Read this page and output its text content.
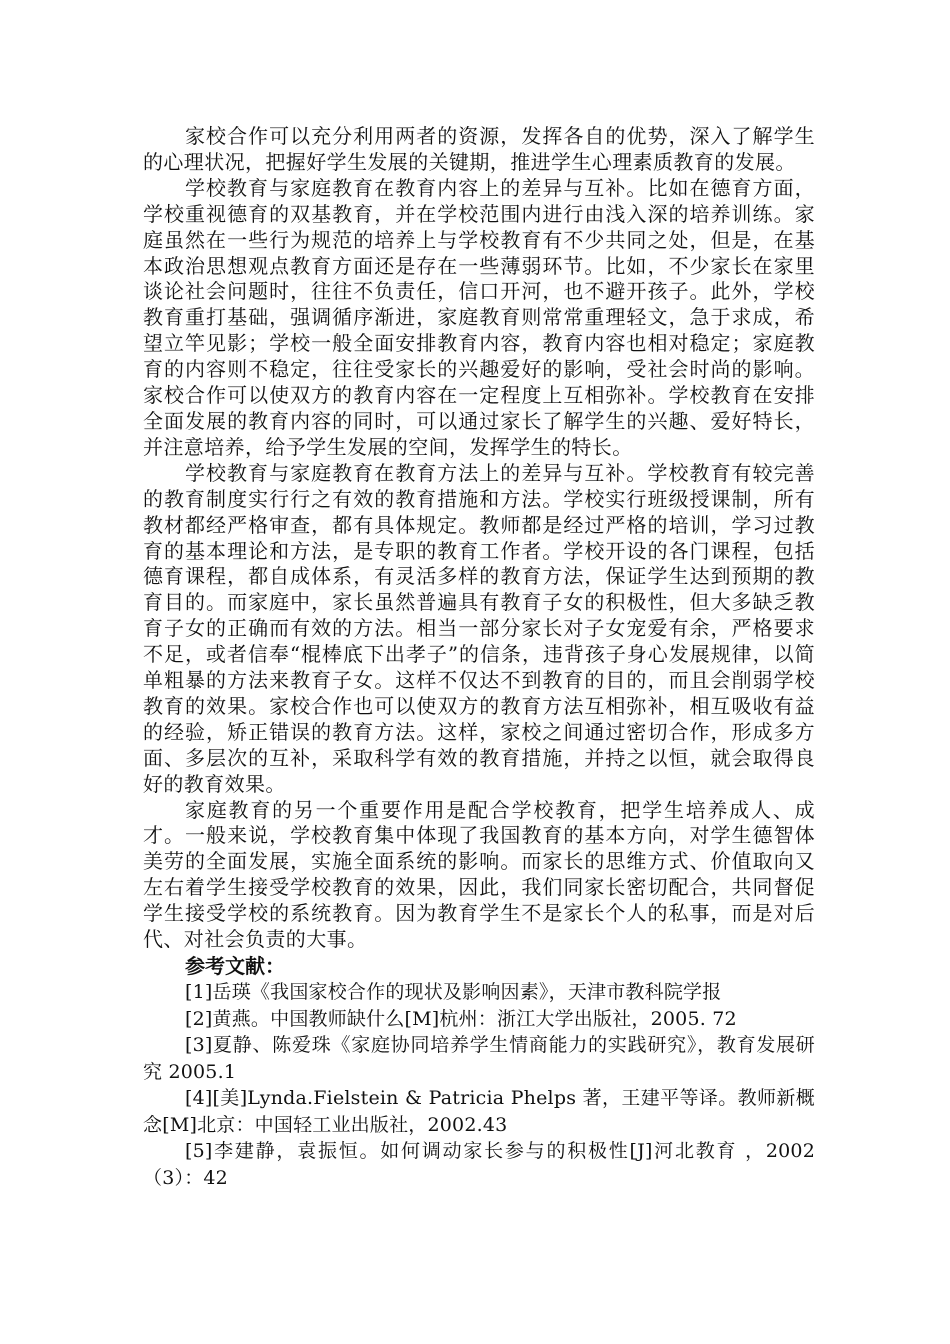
家校合作可以充分利用两者的资源，发挥各自的优势，深入了解学生的心理状况，把握好学生发展的关键期，推进学生心理素质教育的发展。

学校教育与家庭教育在教育内容上的差异与互补。比如在德育方面，学校重视德育的双基教育，并在学校范围内进行由浅入深的培养训练。家庭虽然在一些行为规范的培养上与学校教育有不少共同之处，但是，在基本政治思想观点教育方面还是存在一些薄弱环节。比如，不少家长在家里谈论社会问题时，往往不负责任，信口开河，也不避开孩子。此外，学校教育重打基础，强调循序渐进，家庭教育则常常重理轻文，急于求成，希望立竿见影；学校一般全面安排教育内容，教育内容也相对稳定；家庭教育的内容则不稳定，往往受家长的兴趣爱好的影响，受社会时尚的影响。家校合作可以使双方的教育内容在一定程度上互相弥补。学校教育在安排全面发展的教育内容的同时，可以通过家长了解学生的兴趣、爱好特长，并注意培养，给予学生发展的空间，发挥学生的特长。

学校教育与家庭教育在教育方法上的差异与互补。学校教育有较完善的教育制度实行行之有效的教育措施和方法。学校实行班级授课制，所有教材都经严格审查，都有具体规定。教师都是经过严格的培训，学习过教育的基本理论和方法，是专职的教育工作者。学校开设的各门课程，包括德育课程，都自成体系，有灵活多样的教育方法，保证学生达到预期的教育目的。而家庭中，家长虽然普遍具有教育子女的积极性，但大多缺乏教育子女的正确而有效的方法。相当一部分家长对子女宠爱有余，严格要求不足，或者信奉“棍棒底下出孝子”的信条，违背孩子身心发展规律，以简单粗暴的方法来教育子女。这样不仅达不到教育的目的，而且会削弱学校教育的效果。家校合作也可以使双方的教育方法互相弥补，相互吸收有益的经验，矫正错误的教育方法。这样，家校之间通过密切合作，形成多方面、多层次的互补，采取科学有效的教育措施，并持之以恒，就会取得良好的教育效果。

家庭教育的另一个重要作用是配合学校教育，把学生培养成人、成才。一般来说，学校教育集中体现了我国教育的基本方向，对学生德智体美劳的全面发展，实施全面系统的影响。而家长的思维方式、价值取向又左右着学生接受学校教育的效果，因此，我们同家长密切配合，共同督促学生接受学校的系统教育。因为教育学生不是家长个人的私事，而是对后代、对社会负责的大事。

参考文献：

[1]岳瑛《我国家校合作的现状及影响因素》，天津市教科院学报

[2]黄燕。中国教师缺什么[M]杭州：浙江大学出版社，2005. 72

[3]夏静、陈爱珠《家庭协同培养学生情商能力的实践研究》，教育发展研究 2005.1

[4][美]Lynda.Fielstein & Patricia Phelps 著，王建平等译。教师新概念[M]北京：中国轻工业出版社，2002.43

[5]李建静，袁振恒。如何调动家长参与的积极性[J]河北教育 ，2002（3）：42
